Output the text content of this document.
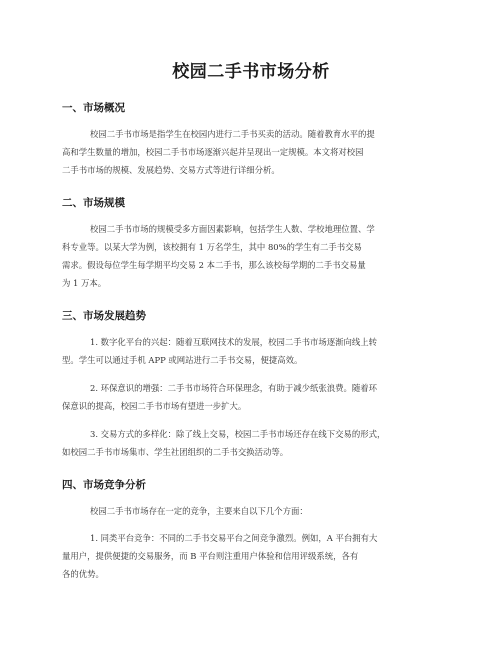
校园二手书市场分析
一、市场概况
校园二手书市场是指学生在校园内进行二手书买卖的活动。随着教育水平的提
高和学生数量的增加，校园二手书市场逐渐兴起并呈现出一定规模。本文将对校园
二手书市场的规模、发展趋势、交易方式等进行详细分析。
二、市场规模
校园二手书市场的规模受多方面因素影响，包括学生人数、学校地理位置、学
科专业等。以某大学为例，该校拥有 1 万名学生，其中 80%的学生有二手书交易
需求。假设每位学生每学期平均交易 2 本二手书，那么该校每学期的二手书交易量
为 1 万本。
三、市场发展趋势
1. 数字化平台的兴起：随着互联网技术的发展，校园二手书市场逐渐向线上转
型。学生可以通过手机 APP 或网站进行二手书交易，便捷高效。
2. 环保意识的增强：二手书市场符合环保理念，有助于减少纸张浪费。随着环
保意识的提高，校园二手书市场有望进一步扩大。
3. 交易方式的多样化：除了线上交易，校园二手书市场还存在线下交易的形式，
如校园二手书市场集市、学生社团组织的二手书交换活动等。
四、市场竞争分析
校园二手书市场存在一定的竞争，主要来自以下几个方面：
1. 同类平台竞争：不同的二手书交易平台之间竞争激烈。例如，A 平台拥有大
量用户，提供便捷的交易服务，而 B 平台则注重用户体验和信用评级系统，各有
各的优势。
